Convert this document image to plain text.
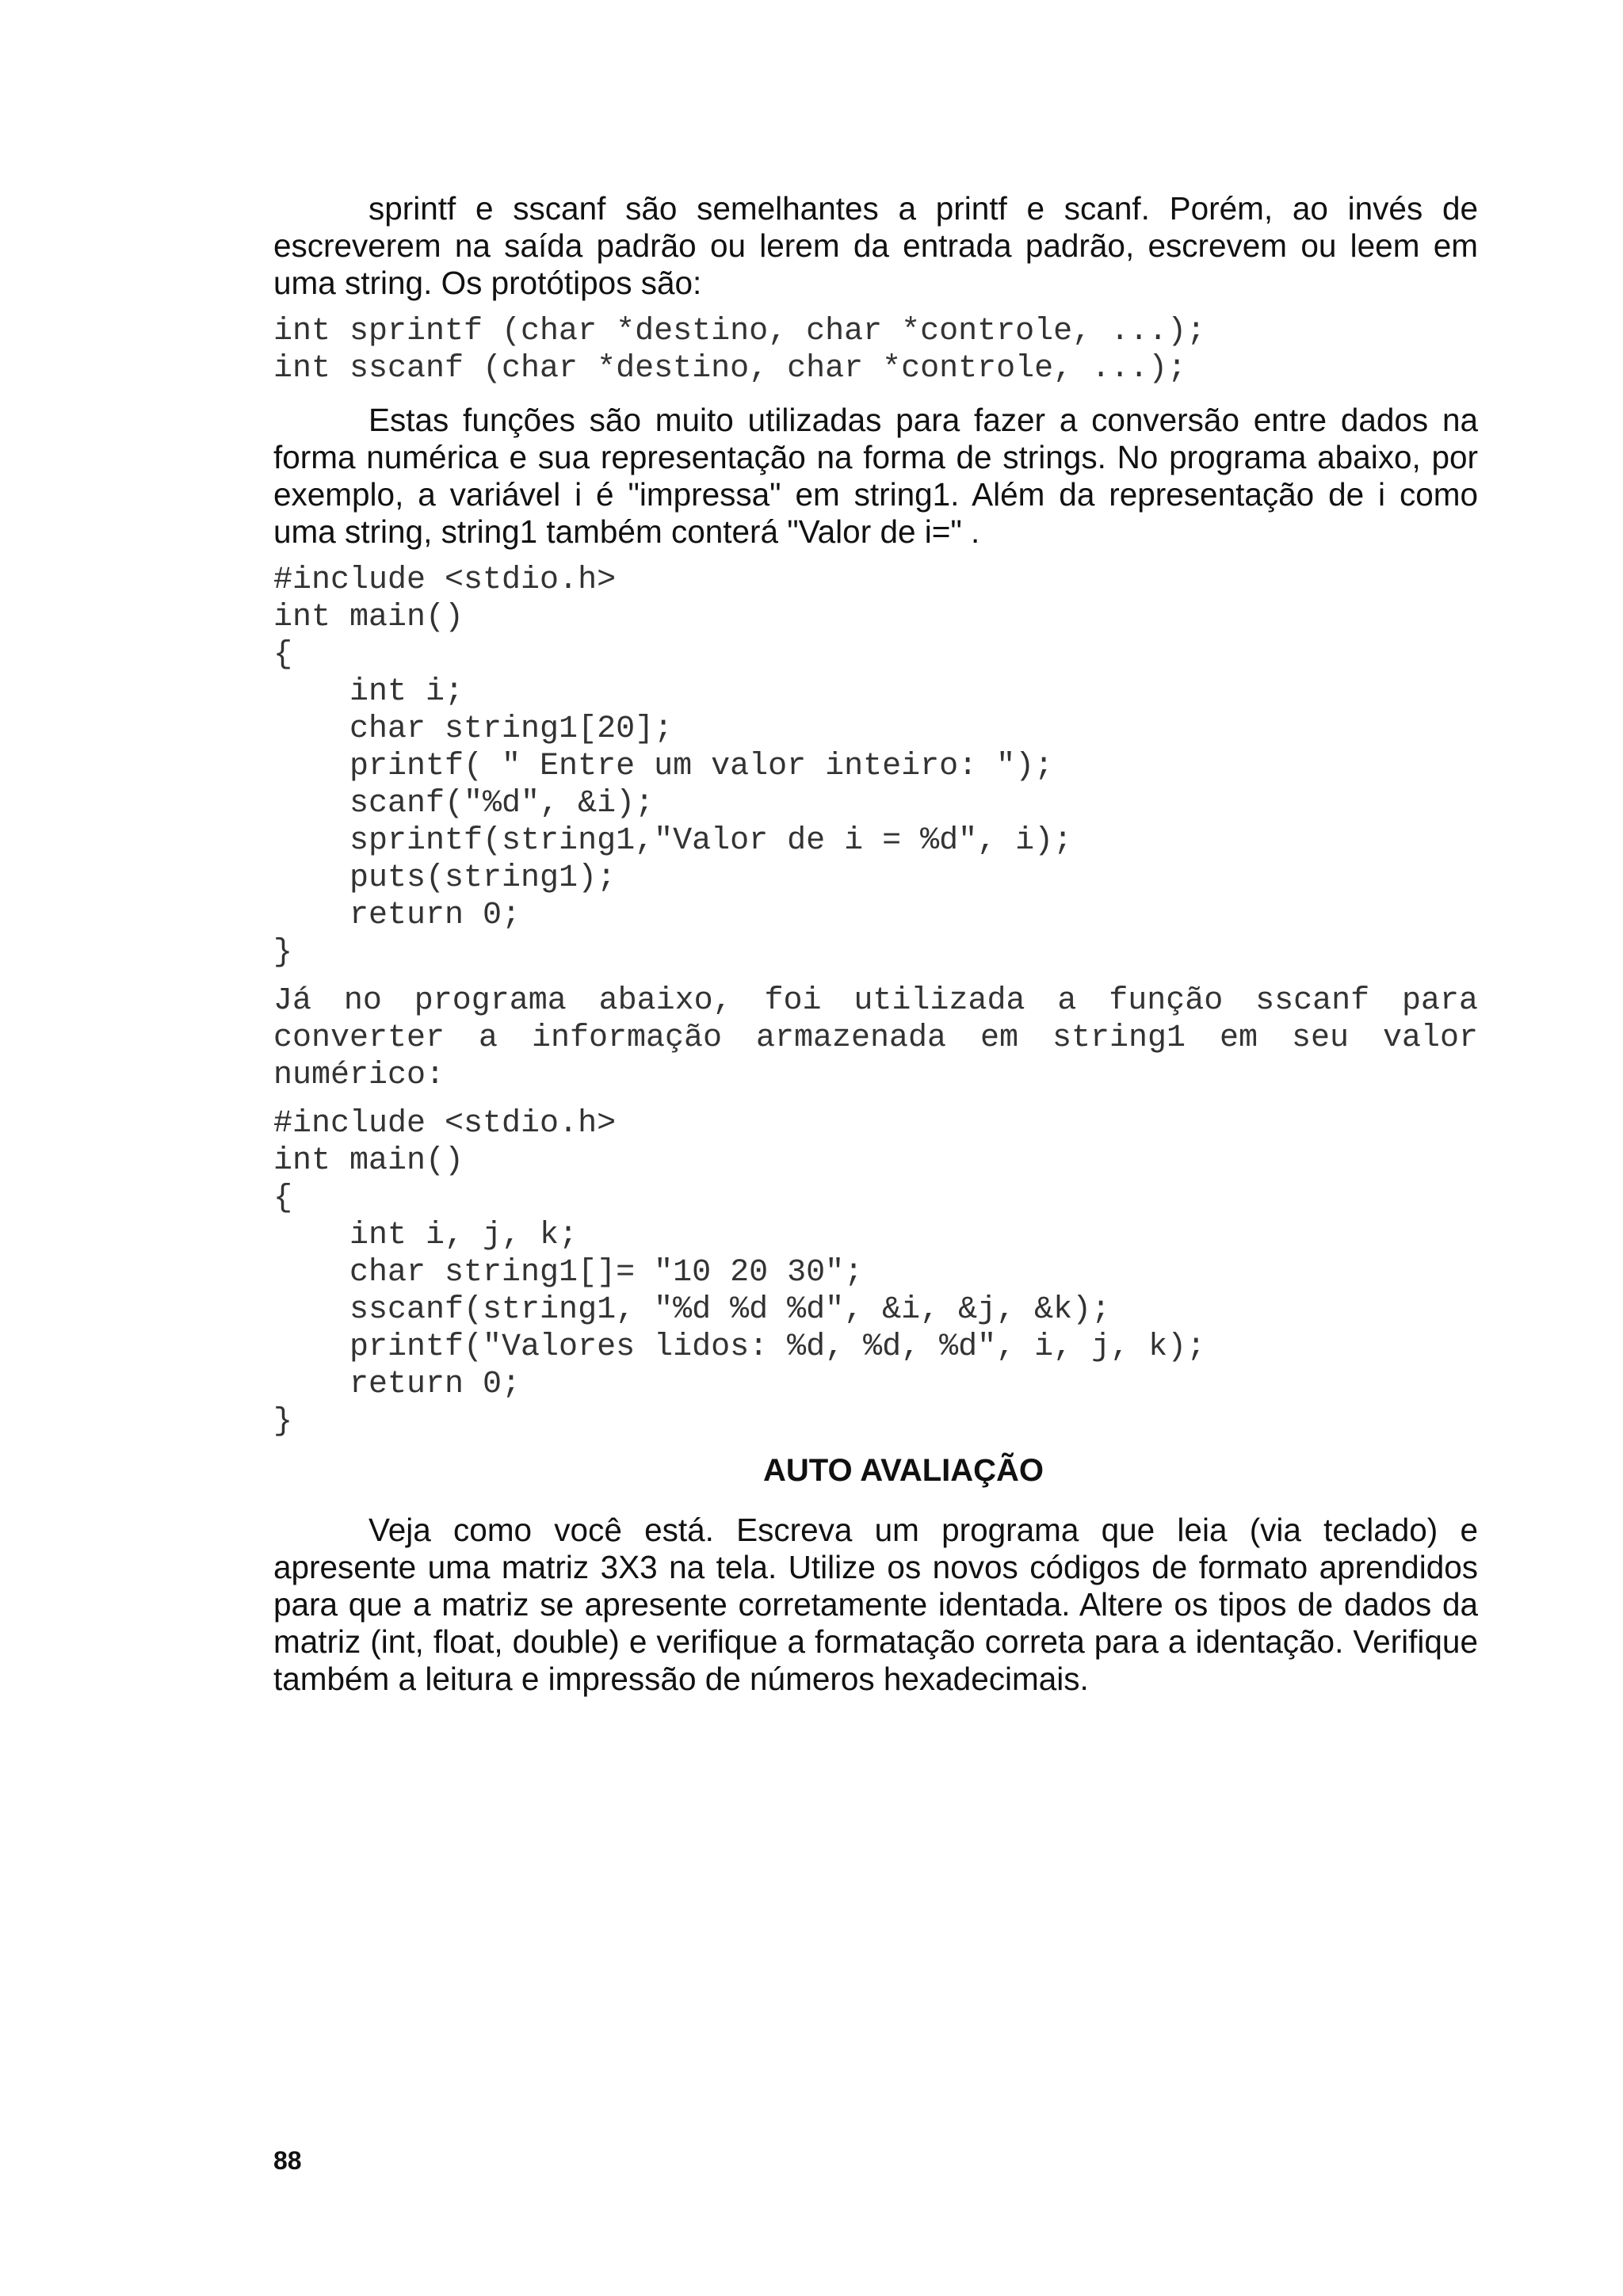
sprintf e sscanf são semelhantes a printf e scanf. Porém, ao invés de escreverem na saída padrão ou lerem da entrada padrão, escrevem ou leem em uma string. Os protótipos são:

int sprintf (char *destino, char *controle, ...);
int sscanf (char *destino, char *controle, ...);

Estas funções são muito utilizadas para fazer a conversão entre dados na forma numérica e sua representação na forma de strings. No programa abaixo, por exemplo, a variável i é "impressa" em string1. Além da representação de i como uma string, string1 também conterá "Valor de i=" .

#include <stdio.h>
int main()
{
int i;
char string1[20];
printf( " Entre um valor inteiro: ");
scanf("%d", &i);
sprintf(string1,"Valor de i = %d", i);
puts(string1);
return 0;
}

Já no programa abaixo, foi utilizada a função sscanf para converter a informação armazenada em string1 em seu valor numérico:

#include <stdio.h>
int main()
{
int i, j, k;
char string1[]= "10 20 30";
sscanf(string1, "%d %d %d", &i, &j, &k);
printf("Valores lidos: %d, %d, %d", i, j, k);
return 0;
}
AUTO AVALIAÇÃO

Veja como você está. Escreva um programa que leia (via teclado) e apresente uma matriz 3X3 na tela. Utilize os novos códigos de formato aprendidos para que a matriz se apresente corretamente identada. Altere os tipos de dados da matriz (int, float, double) e verifique a formatação correta para a identação. Verifique também a leitura e impressão de números hexadecimais.

88
